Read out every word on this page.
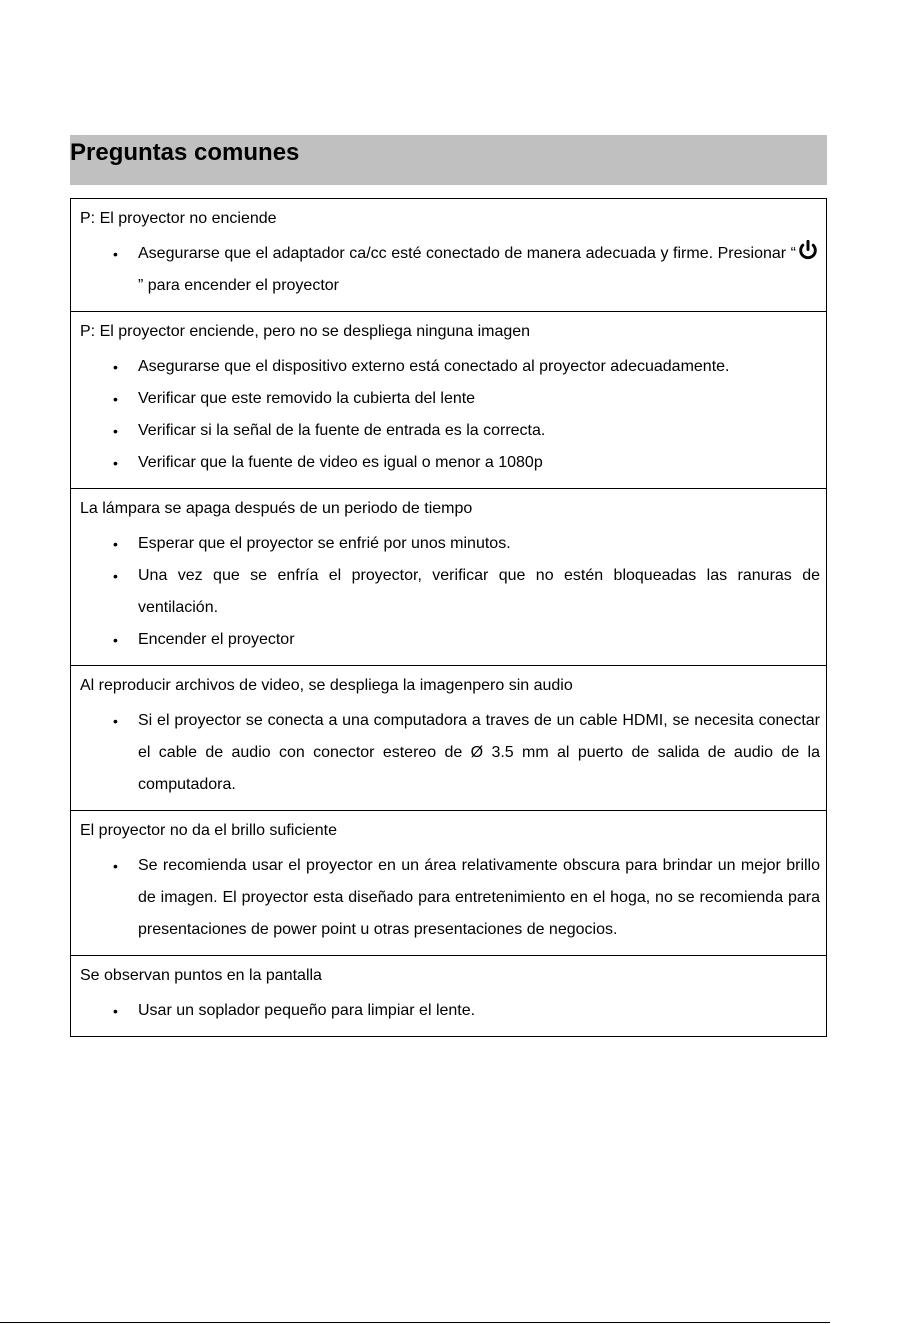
Preguntas comunes

P: El proyector no enciende

• Asegurarse que el adaptador ca/cc esté conectado de manera adecuada y firme. Presionar “” para encender el proyector

P: El proyector enciende, pero no se despliega ninguna imagen

• Asegurarse que el dispositivo externo está conectado al proyector adecuadamente.
• Verificar que este removido la cubierta del lente
• Verificar si la señal de la fuente de entrada es la correcta.
• Verificar que la fuente de video es igual o menor a 1080p

La lámpara se apaga después de un periodo de tiempo

• Esperar que el proyector se enfrié por unos minutos.
• Una vez que se enfría el proyector, verificar que no estén bloqueadas las ranuras de ventilación.
• Encender el proyector

Al reproducir archivos de video, se despliega la imagenpero sin audio

• Si el proyector se conecta a una computadora a traves de un cable HDMI, se necesita conectar el cable de audio con conector estereo de Ø 3.5 mm al puerto de salida de audio de la computadora.

El proyector no da el brillo suficiente

• Se recomienda usar el proyector en un área relativamente obscura para brindar un mejor brillo de imagen. El proyector esta diseñado para entretenimiento en el hoga, no se recomienda para presentaciones de power point u otras presentaciones de negocios.

Se observan puntos en la pantalla

• Usar un soplador pequeño para limpiar el lente.
